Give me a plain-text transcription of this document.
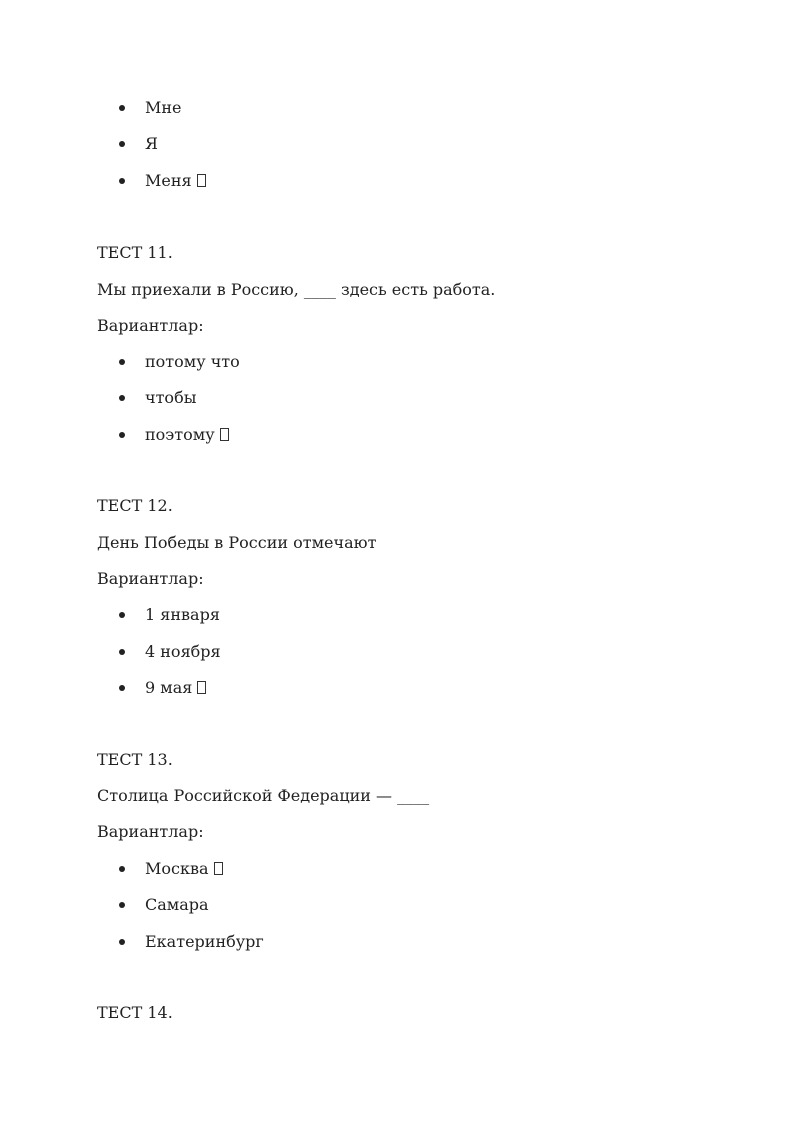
Мне
Я
Меня
ТЕСТ 11.
Мы приехали в Россию, ____ здесь есть работа.
Вариантлар:
потому что
чтобы
поэтому
ТЕСТ 12.
День Победы в России отмечают
Вариантлар:
1 января
4 ноября
9 мая
ТЕСТ 13.
Столица Российской Федерации — ____
Вариантлар:
Москва
Самара
Екатеринбург
ТЕСТ 14.
